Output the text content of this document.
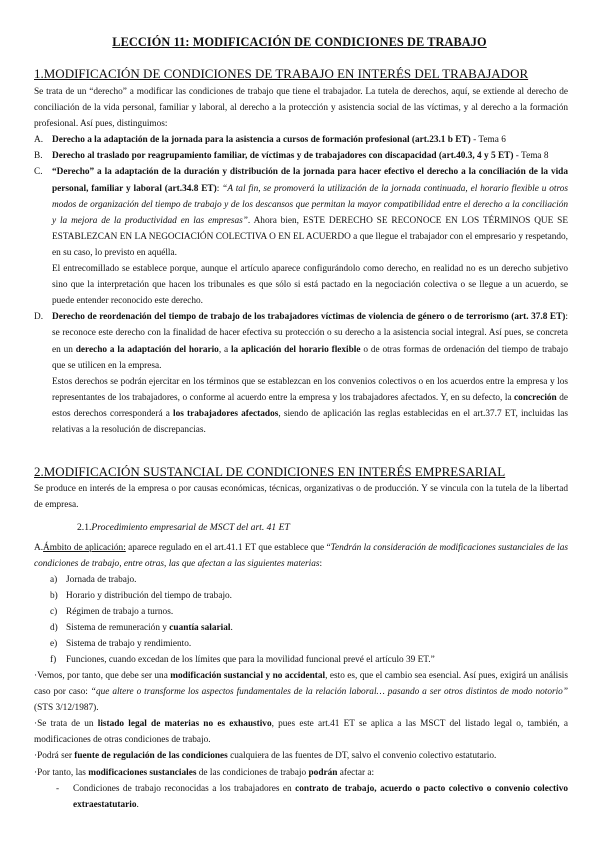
LECCIÓN 11: MODIFICACIÓN DE CONDICIONES DE TRABAJO
1.MODIFICACIÓN DE CONDICIONES DE TRABAJO EN INTERÉS DEL TRABAJADOR

Se trata de un “derecho” a modificar las condiciones de trabajo que tiene el trabajador. La tutela de derechos, aquí, se extiende al derecho de conciliación de la vida personal, familiar y laboral, al derecho a la protección y asistencia social de las víctimas, y al derecho a la formación profesional. Así pues, distinguimos:

A. Derecho a la adaptación de la jornada para la asistencia a cursos de formación profesional (art.23.1 b ET) - Tema 6
B. Derecho al traslado por reagrupamiento familiar, de víctimas y de trabajadores con discapacidad (art.40.3, 4 y 5 ET) - Tema 8
C. “Derecho” a la adaptación de la duración y distribución de la jornada para hacer efectivo el derecho a la conciliación de la vida personal, familiar y laboral (art.34.8 ET): “A tal fin, se promoverá la utilización de la jornada continuada, el horario flexible u otros modos de organización del tiempo de trabajo y de los descansos que permitan la mayor compatibilidad entre el derecho a la conciliación y la mejora de la productividad en las empresas”. Ahora bien, ESTE DERECHO SE RECONOCE EN LOS TÉRMINOS QUE SE ESTABLEZCAN EN LA NEGOCIACIÓN COLECTIVA O EN EL ACUERDO a que llegue el trabajador con el empresario y respetando, en su caso, lo previsto en aquélla.

El entrecomillado se establece porque, aunque el artículo aparece configurándolo como derecho, en realidad no es un derecho subjetivo sino que la interpretación que hacen los tribunales es que sólo si está pactado en la negociación colectiva o se llegue a un acuerdo, se puede entender reconocido este derecho.

D. Derecho de reordenación del tiempo de trabajo de los trabajadores víctimas de violencia de género o de terrorismo (art. 37.8 ET): se reconoce este derecho con la finalidad de hacer efectiva su protección o su derecho a la asistencia social integral. Así pues, se concreta en un derecho a la adaptación del horario, a la aplicación del horario flexible o de otras formas de ordenación del tiempo de trabajo que se utilicen en la empresa.

Estos derechos se podrán ejercitar en los términos que se establezcan en los convenios colectivos o en los acuerdos entre la empresa y los representantes de los trabajadores, o conforme al acuerdo entre la empresa y los trabajadores afectados. Y, en su defecto, la concreción de estos derechos corresponderá a los trabajadores afectados, siendo de aplicación las reglas establecidas en el art.37.7 ET, incluidas las relativas a la resolución de discrepancias.

2.MODIFICACIÓN SUSTANCIAL DE CONDICIONES EN INTERÉS EMPRESARIAL
Se produce en interés de la empresa o por causas económicas, técnicas, organizativas o de producción. Y se vincula con la tutela de la libertad de empresa.
2.1.Procedimiento empresarial de MSCT del art. 41 ET
A.Ámbito de aplicación: aparece regulado en el art.41.1 ET que establece que “Tendrán la consideración de modificaciones sustanciales de las condiciones de trabajo, entre otras, las que afectan a las siguientes materias:
a) Jornada de trabajo.
b) Horario y distribución del tiempo de trabajo.
c) Régimen de trabajo a turnos.
d) Sistema de remuneración y cuantía salarial.
e) Sistema de trabajo y rendimiento.
f) Funciones, cuando excedan de los límites que para la movilidad funcional prevé el artículo 39 ET.”

·Vemos, por tanto, que debe ser una modificación sustancial y no accidental, esto es, que el cambio sea esencial. Así pues, exigirá un análisis caso por caso: “que altere o transforme los aspectos fundamentales de la relación laboral… pasando a ser otros distintos de modo notorio” (STS 3/12/1987).

·Se trata de un listado legal de materias no es exhaustivo, pues este art.41 ET se aplica a las MSCT del listado legal o, también, a modificaciones de otras condiciones de trabajo.

·Podrá ser fuente de regulación de las condiciones cualquiera de las fuentes de DT, salvo el convenio colectivo estatutario.

·Por tanto, las modificaciones sustanciales de las condiciones de trabajo podrán afectar a:

- Condiciones de trabajo reconocidas a los trabajadores en contrato de trabajo, acuerdo o pacto colectivo o convenio colectivo extraestatutario.
